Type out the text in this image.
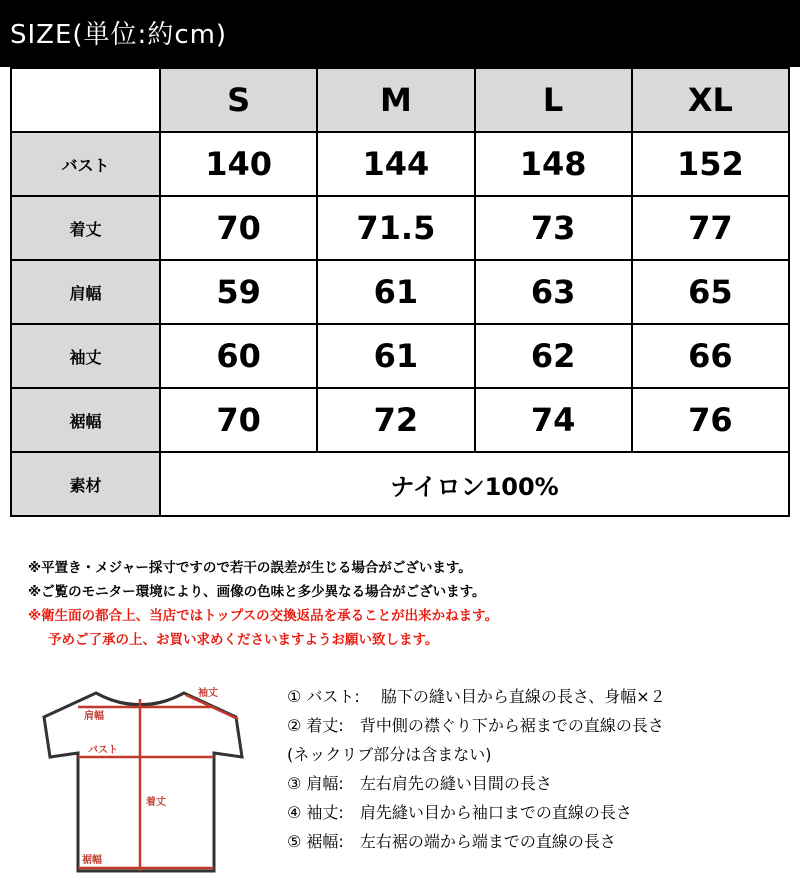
SIZE(単位:約cm)
	S	M	L	XL
バスト	140	144	148	152
着丈	70	71.5	73	77
肩幅	59	61	63	65
袖丈	60	61	62	66
裾幅	70	72	74	76
素材	ナイロン100%			
※平置き・メジャー採寸ですので若干の誤差が生じる場合がございます。
※ご覧のモニター環境により、画像の色味と多少異なる場合がございます。
※衛生面の都合上、当店ではトップスの交換返品を承ることが出来かねます。
予めご了承の上、お買い求めくださいますようお願い致します。
袖丈
肩幅
バスト
着丈
裾幅
① バスト:　 脇下の縫い目から直線の長さ、身幅×２
② 着丈:　背中側の襟ぐり下から裾までの直線の長さ
(ネックリブ部分は含まない)
③ 肩幅:　左右肩先の縫い目間の長さ
④ 袖丈:　肩先縫い目から袖口までの直線の長さ
⑤ 裾幅:　左右裾の端から端までの直線の長さ
